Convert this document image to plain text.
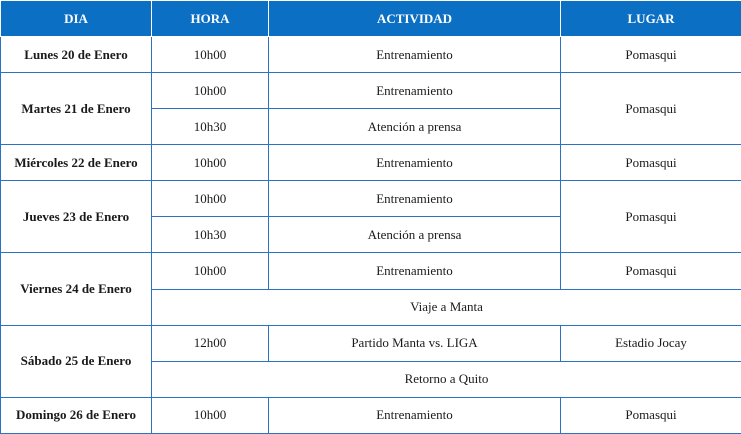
DIA	HORA	ACTIVIDAD	LUGAR
Lunes 20 de Enero	10h00	Entrenamiento	Pomasqui
Martes 21 de Enero	10h00	Entrenamiento	Pomasqui
	10h30	Atención a prensa	
Miércoles 22 de Enero	10h00	Entrenamiento	Pomasqui
Jueves 23 de Enero	10h00	Entrenamiento	Pomasqui
	10h30	Atención a prensa	
Viernes 24 de Enero	10h00	Entrenamiento	Pomasqui
	Viaje a Manta		
Sábado 25 de Enero	12h00	Partido Manta vs. LIGA	Estadio Jocay
	Retorno a Quito		
Domingo 26 de Enero	10h00	Entrenamiento	Pomasqui
